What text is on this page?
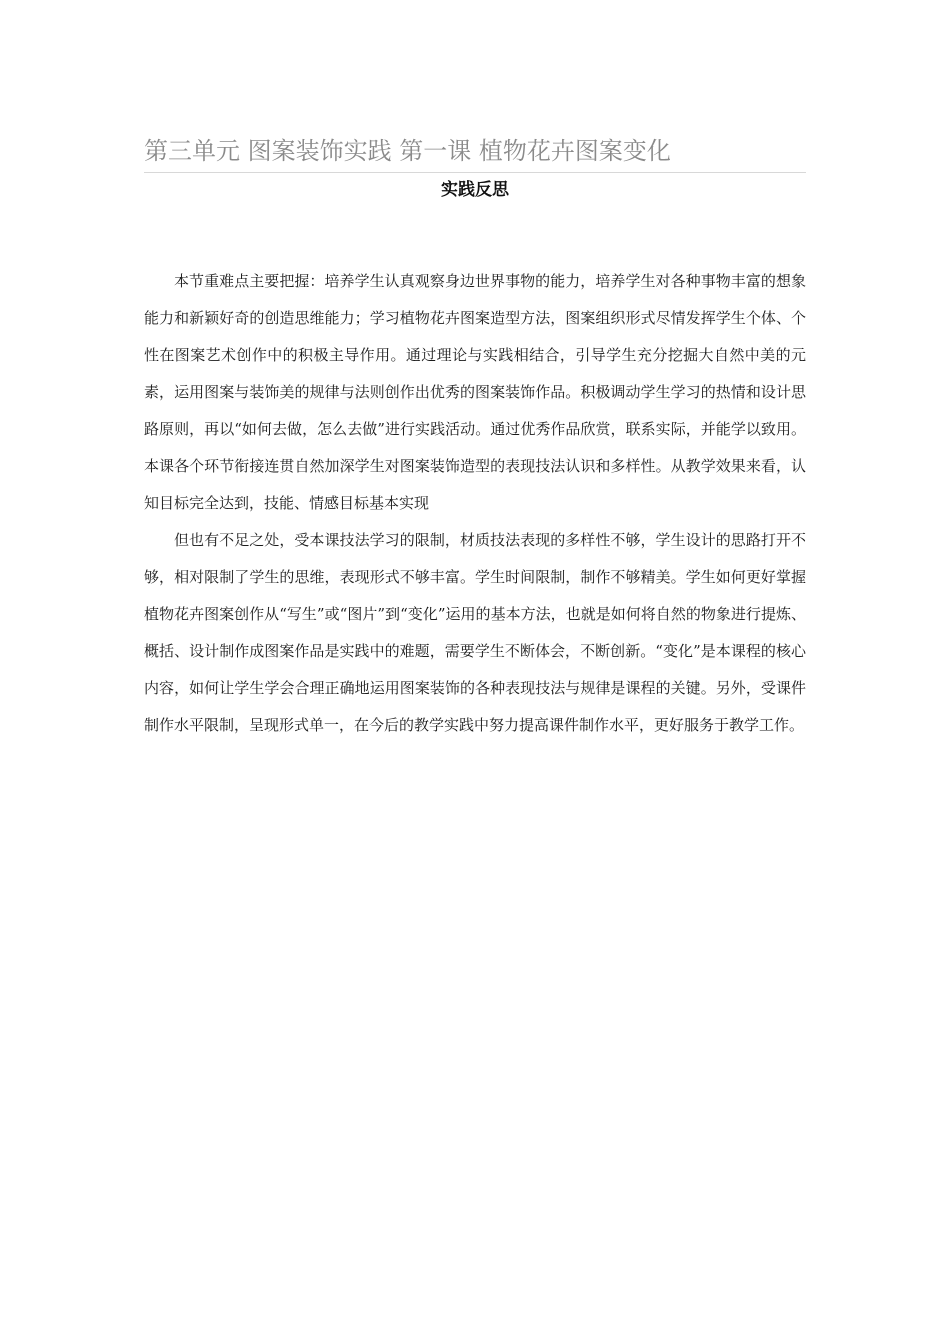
第三单元 图案装饰实践 第一课 植物花卉图案变化
实践反思

本节重难点主要把握：培养学生认真观察身边世界事物的能力，培养学生对各种事物丰富的想象能力和新颖好奇的创造思维能力；学习植物花卉图案造型方法，图案组织形式尽情发挥学生个体、个性在图案艺术创作中的积极主导作用。通过理论与实践相结合，引导学生充分挖掘大自然中美的元素，运用图案与装饰美的规律与法则创作出优秀的图案装饰作品。积极调动学生学习的热情和设计思路原则，再以“如何去做，怎么去做”进行实践活动。通过优秀作品欣赏，联系实际，并能学以致用。本课各个环节衔接连贯自然加深学生对图案装饰造型的表现技法认识和多样性。从教学效果来看，认知目标完全达到，技能、情感目标基本实现

但也有不足之处，受本课技法学习的限制，材质技法表现的多样性不够，学生设计的思路打开不够，相对限制了学生的思维，表现形式不够丰富。学生时间限制，制作不够精美。学生如何更好掌握植物花卉图案创作从“写生”或“图片”到“变化”运用的基本方法，也就是如何将自然的物象进行提炼、概括、设计制作成图案作品是实践中的难题，需要学生不断体会，不断创新。“变化”是本课程的核心内容，如何让学生学会合理正确地运用图案装饰的各种表现技法与规律是课程的关键。另外，受课件制作水平限制，呈现形式单一，在今后的教学实践中努力提高课件制作水平，更好服务于教学工作。
